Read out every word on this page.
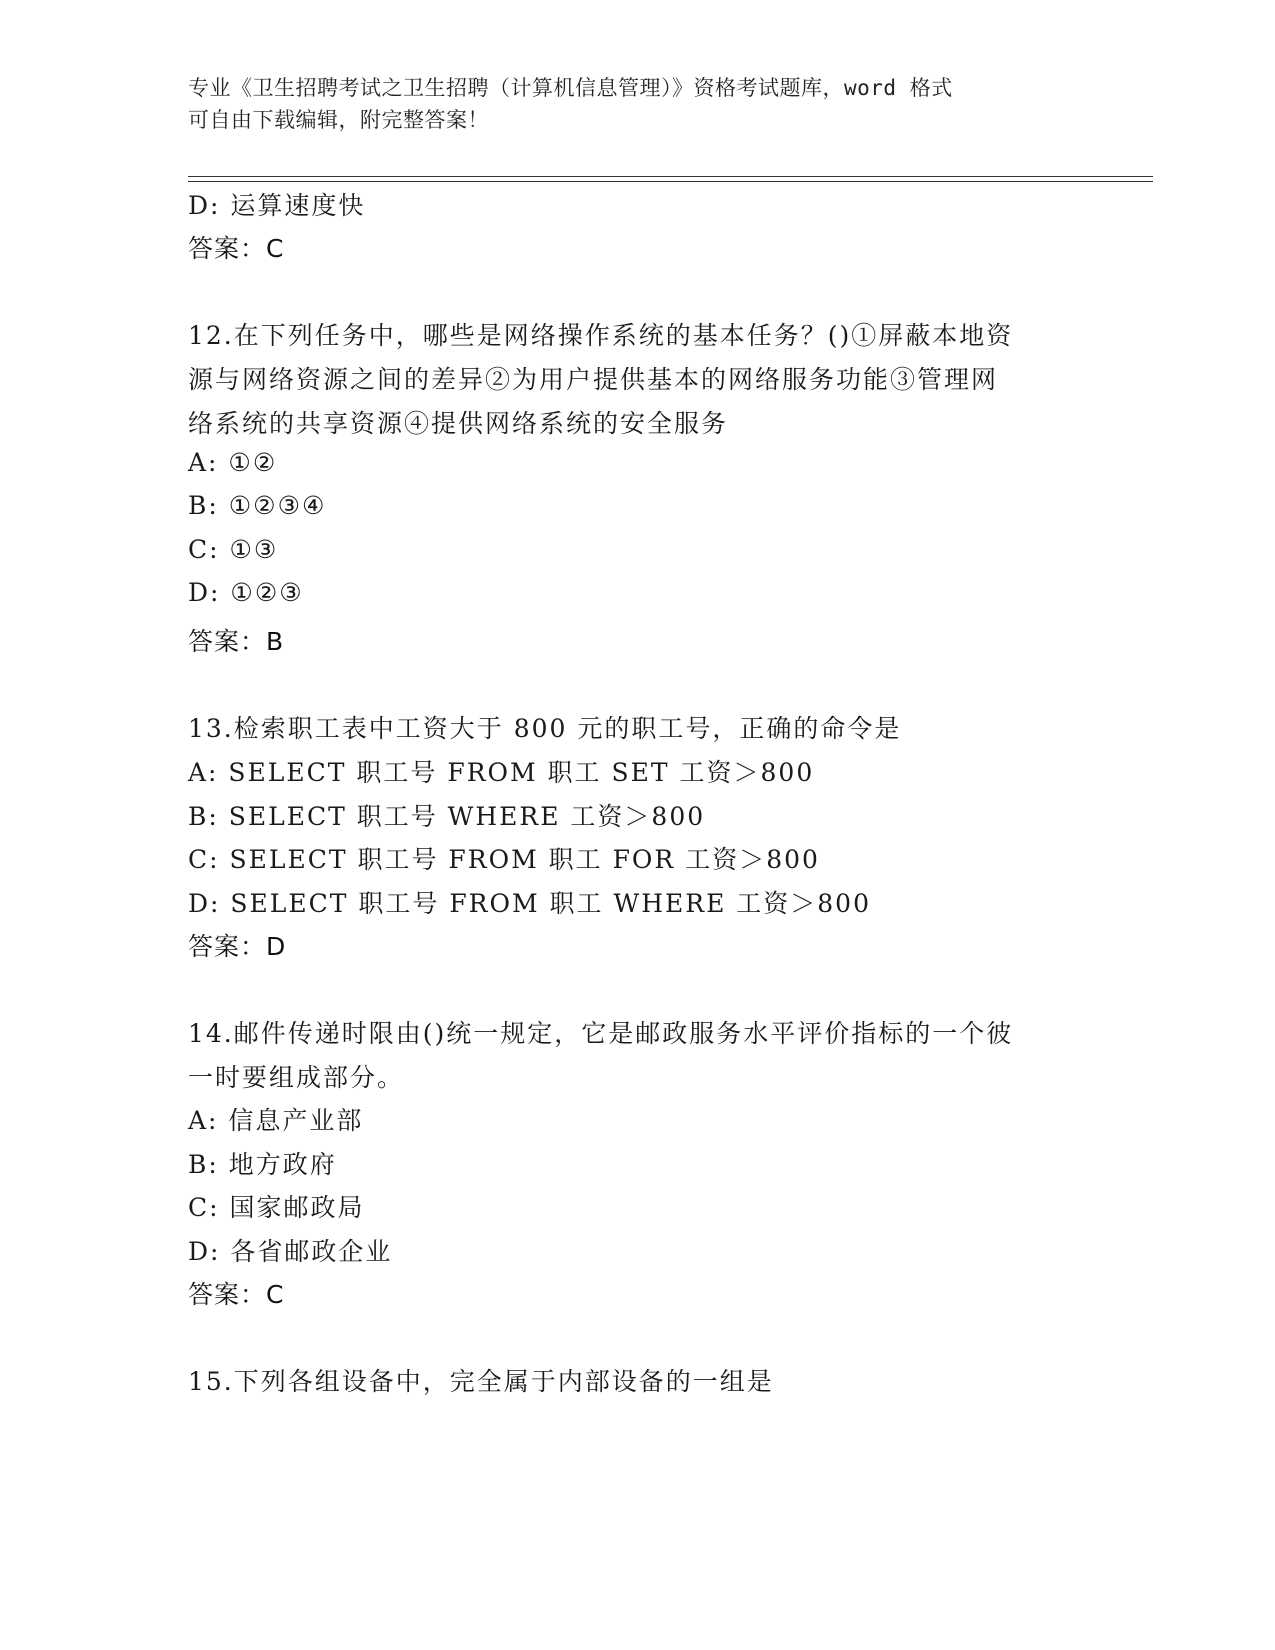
专业《卫生招聘考试之卫生招聘（计算机信息管理）》资格考试题库，word 格式
可自由下载编辑，附完整答案！
D: 运算速度快
答案：C
12.在下列任务中，哪些是网络操作系统的基本任务？()①屏蔽本地资
源与网络资源之间的差异②为用户提供基本的网络服务功能③管理网
络系统的共享资源④提供网络系统的安全服务
A: ①②
B: ①②③④
C: ①③
D: ①②③
答案：B
13.检索职工表中工资大于 800 元的职工号，正确的命令是
A: SELECT 职工号 FROM 职工 SET 工资＞800
B: SELECT 职工号 WHERE 工资＞800
C: SELECT 职工号 FROM 职工 FOR 工资＞800
D: SELECT 职工号 FROM 职工 WHERE 工资＞800
答案：D
14.邮件传递时限由()统一规定，它是邮政服务水平评价指标的一个彼
一时要组成部分。
A: 信息产业部
B: 地方政府
C: 国家邮政局
D: 各省邮政企业
答案：C
15.下列各组设备中，完全属于内部设备的一组是
